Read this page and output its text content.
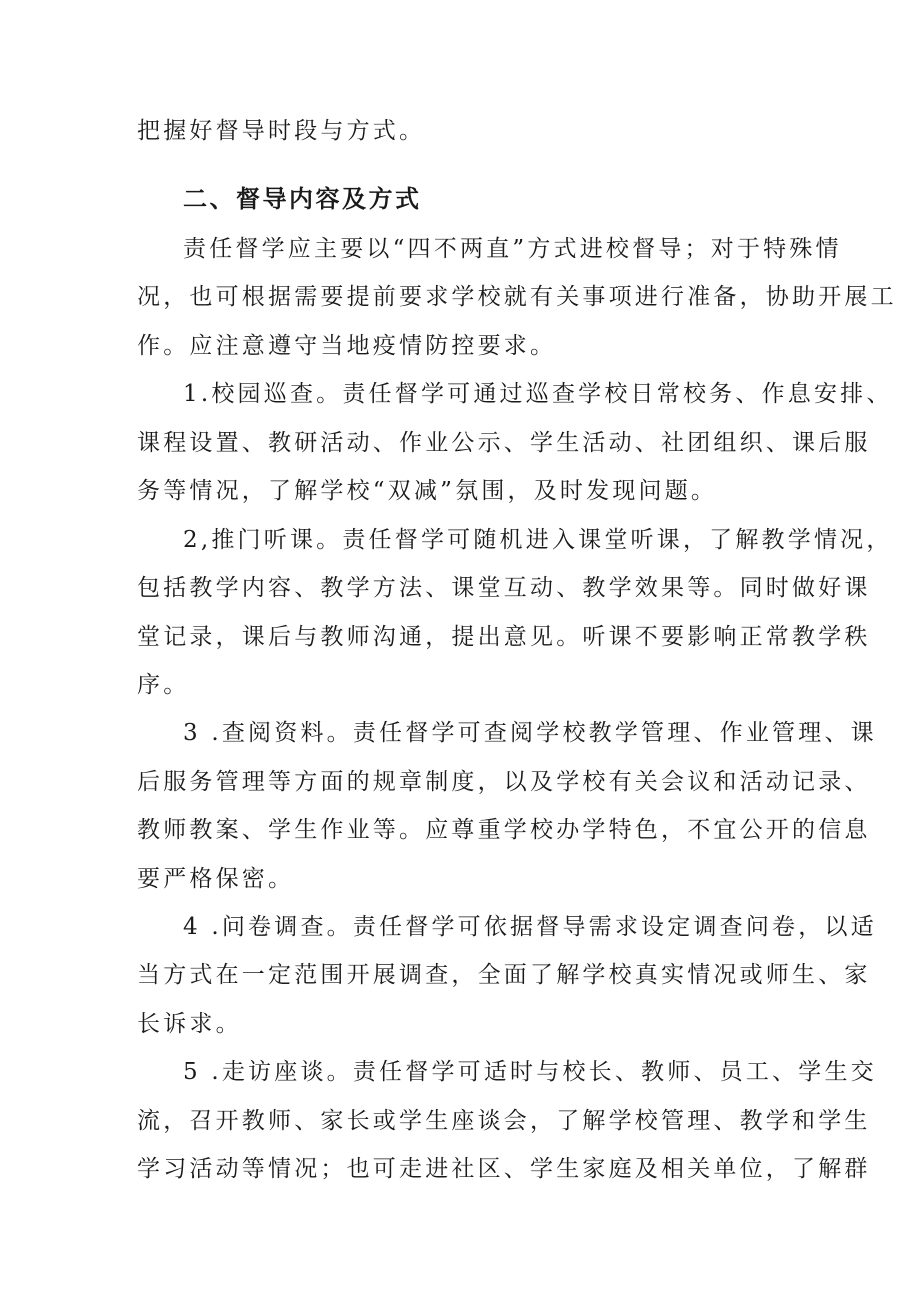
把握好督导时段与方式。
二、督导内容及方式
责任督学应主要以“四不两直”方式进校督导；对于特殊情
况，也可根据需要提前要求学校就有关事项进行准备，协助开展工
作。应注意遵守当地疫情防控要求。
1.校园巡查。责任督学可通过巡查学校日常校务、作息安排、
课程设置、教研活动、作业公示、学生活动、社团组织、课后服
务等情况，了解学校“双减”氛围，及时发现问题。
2,推门听课。责任督学可随机进入课堂听课，了解教学情况，
包括教学内容、教学方法、课堂互动、教学效果等。同时做好课
堂记录，课后与教师沟通，提出意见。听课不要影响正常教学秩
序。
3 .查阅资料。责任督学可查阅学校教学管理、作业管理、课
后服务管理等方面的规章制度，以及学校有关会议和活动记录、
教师教案、学生作业等。应尊重学校办学特色，不宜公开的信息
要严格保密。
4 .问卷调查。责任督学可依据督导需求设定调查问卷，以适
当方式在一定范围开展调查，全面了解学校真实情况或师生、家
长诉求。
5 .走访座谈。责任督学可适时与校长、教师、员工、学生交
流，召开教师、家长或学生座谈会，了解学校管理、教学和学生
学习活动等情况；也可走进社区、学生家庭及相关单位，了解群
